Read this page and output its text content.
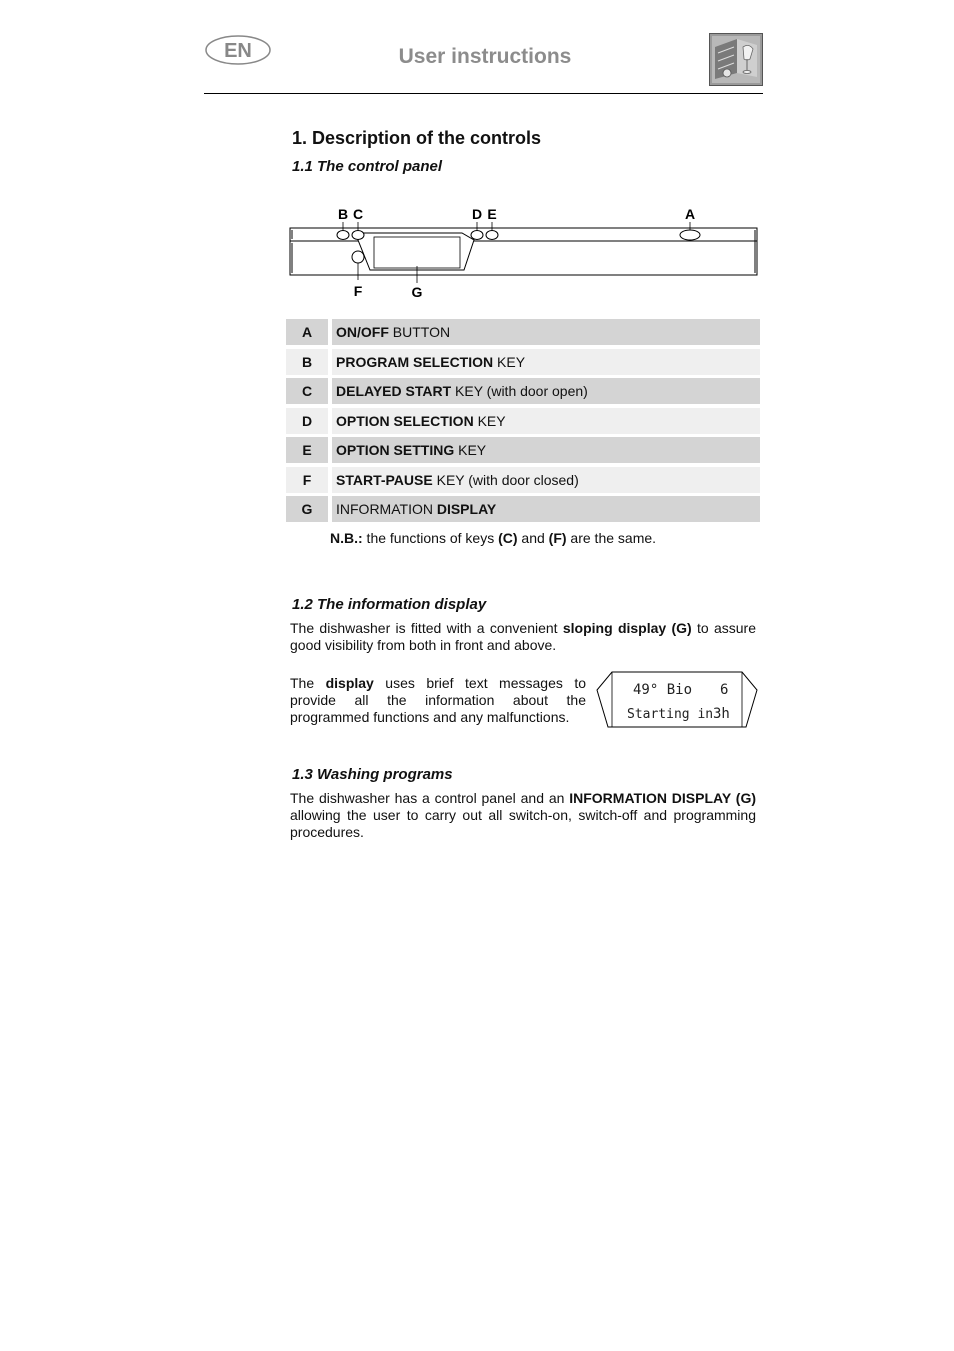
EN	User instructions
1. Description of the controls
1.1 The control panel
B C	D E	A
F	G
A	ON/OFF BUTTON
B	PROGRAM SELECTION KEY
C	DELAYED START KEY (with door open)
D	OPTION SELECTION KEY
E	OPTION SETTING KEY
F	START-PAUSE KEY (with door closed)
G	INFORMATION DISPLAY
N.B.: the functions of keys (C) and (F) are the same.
1.2 The information display
The dishwasher is fitted with a convenient sloping display (G) to assure good visibility from both in front and above.
The display uses brief text messages to provide all the information about the programmed functions and any malfunctions.
49° Bio 6
Starting in 3h
1.3 Washing programs
The dishwasher has a control panel and an INFORMATION DISPLAY (G) allowing the user to carry out all switch-on, switch-off and programming procedures.
